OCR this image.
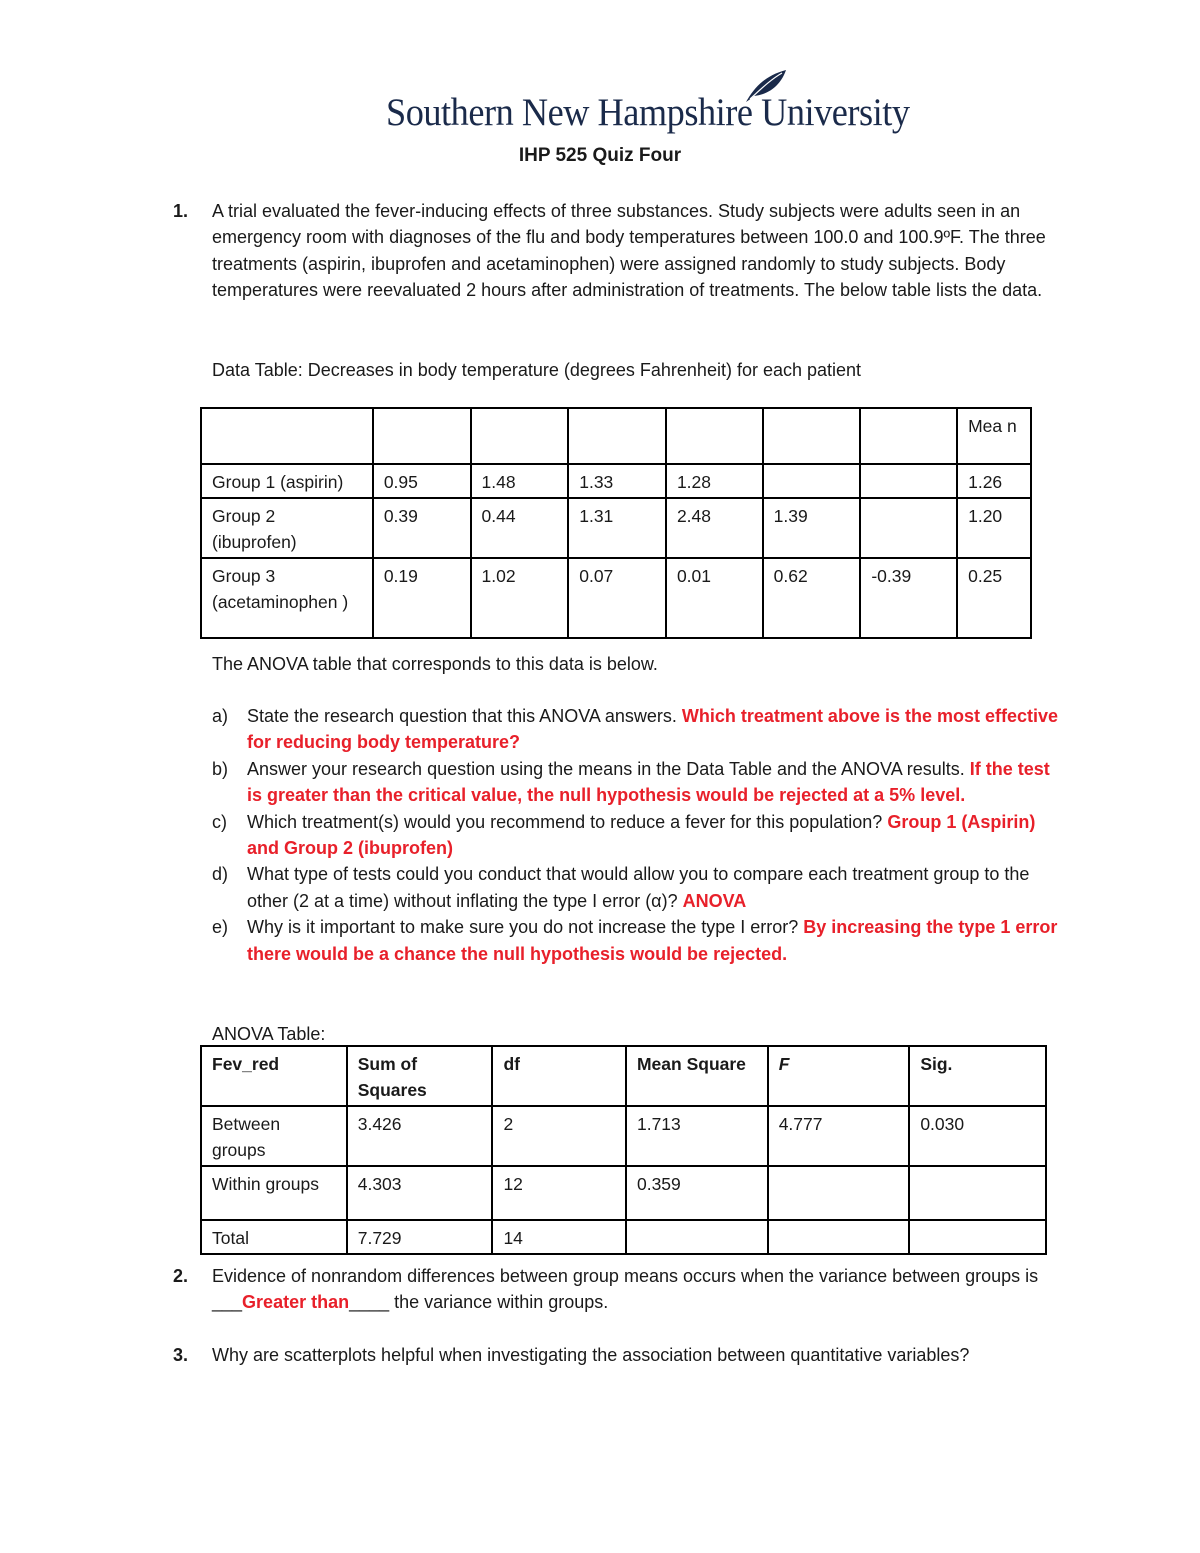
Southern New Hampshire University
IHP 525 Quiz Four
1. A trial evaluated the fever-inducing effects of three substances. Study subjects were adults seen in an emergency room with diagnoses of the flu and body temperatures between 100.0 and 100.9ºF. The three treatments (aspirin, ibuprofen and acetaminophen) were assigned randomly to study subjects. Body temperatures were reevaluated 2 hours after administration of treatments. The below table lists the data.
Data Table: Decreases in body temperature (degrees Fahrenheit) for each patient
							Mea n
Group 1 (aspirin)	0.95	1.48	1.33	1.28			1.26
Group 2 (ibuprofen)	0.39	0.44	1.31	2.48	1.39		1.20
Group 3 (acetaminophen )	0.19	1.02	0.07	0.01	0.62	-0.39	0.25
The ANOVA table that corresponds to this data is below.
a) State the research question that this ANOVA answers. Which treatment above is the most effective for reducing body temperature?
b) Answer your research question using the means in the Data Table and the ANOVA results. If the test is greater than the critical value, the null hypothesis would be rejected at a 5% level.
c) Which treatment(s) would you recommend to reduce a fever for this population? Group 1 (Aspirin) and Group 2 (ibuprofen)
d) What type of tests could you conduct that would allow you to compare each treatment group to the other (2 at a time) without inflating the type I error (α)? ANOVA
e) Why is it important to make sure you do not increase the type I error? By increasing the type 1 error there would be a chance the null hypothesis would be rejected.
ANOVA Table:
Fev_red	Sum of Squares	df	Mean Square	F	Sig.
Between groups	3.426	2	1.713	4.777	0.030
Within groups	4.303	12	0.359		
Total	7.729	14			
2. Evidence of nonrandom differences between group means occurs when the variance between groups is ___Greater than____ the variance within groups.
3. Why are scatterplots helpful when investigating the association between quantitative variables?
